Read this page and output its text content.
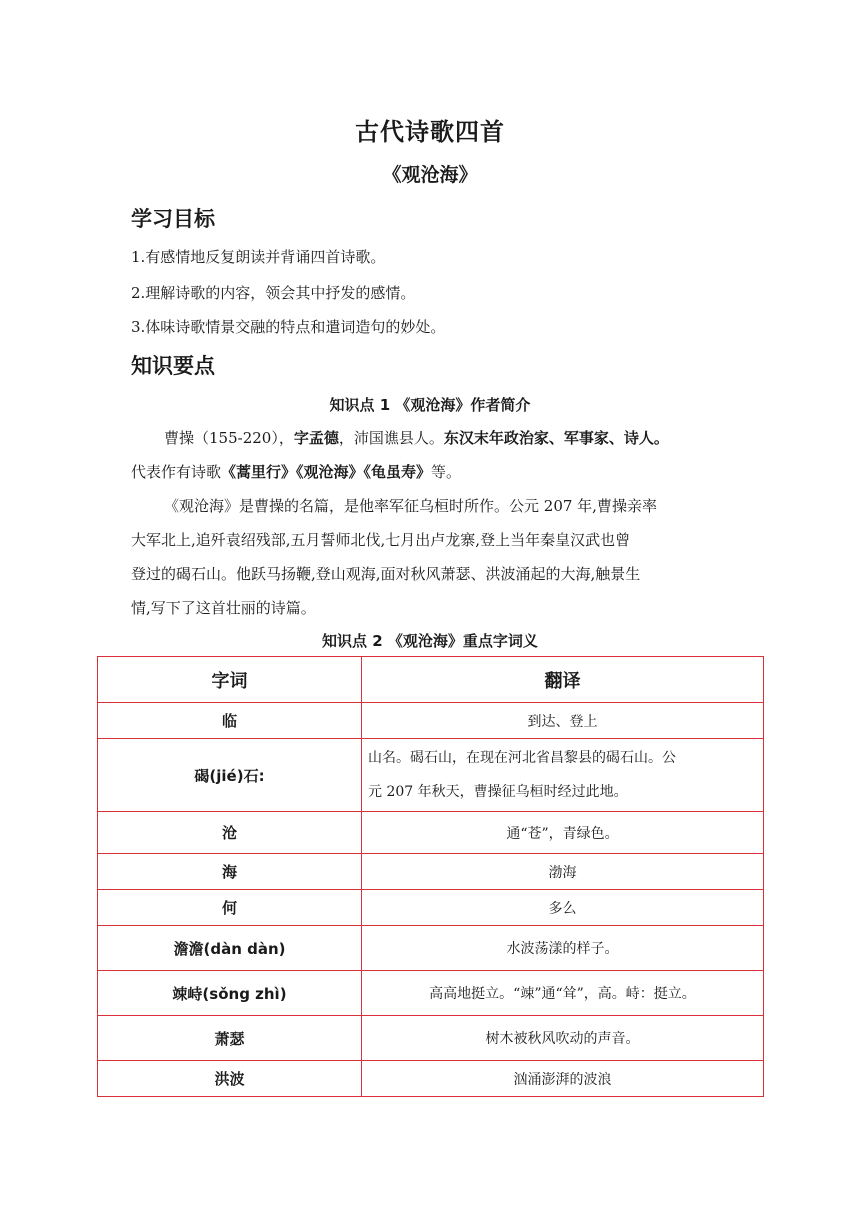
古代诗歌四首
《观沧海》
学习目标
1.有感情地反复朗读并背诵四首诗歌。
2.理解诗歌的内容，领会其中抒发的感情。
3.体味诗歌情景交融的特点和遣词造句的妙处。
知识要点
知识点 1 《观沧海》作者简介
曹操（155-220），字孟德，沛国谯县人。东汉末年政治家、军事家、诗人。
代表作有诗歌《蒿里行》《观沧海》《龟虽寿》等。
《观沧海》是曹操的名篇，是他率军征乌桓时所作。公元 207 年,曹操亲率
大军北上,追歼袁绍残部,五月誓师北伐,七月出卢龙寨,登上当年秦皇汉武也曾
登过的碣石山。他跃马扬鞭,登山观海,面对秋风萧瑟、洪波涌起的大海,触景生
情,写下了这首壮丽的诗篇。
知识点 2 《观沧海》重点字词义
字词	翻译
临	到达、登上
碣(jié)石:	山名。碣石山，在现在河北省昌黎县的碣石山。公
元 207 年秋天，曹操征乌桓时经过此地。

沧	通“苍”，青绿色。
海	渤海
何	多么
澹澹(dàn dàn)	水波荡漾的样子。
竦峙(sǒng zhì)	高高地挺立。“竦”通“耸”，高。峙：挺立。
萧瑟	树木被秋风吹动的声音。
洪波	汹涌澎湃的波浪
